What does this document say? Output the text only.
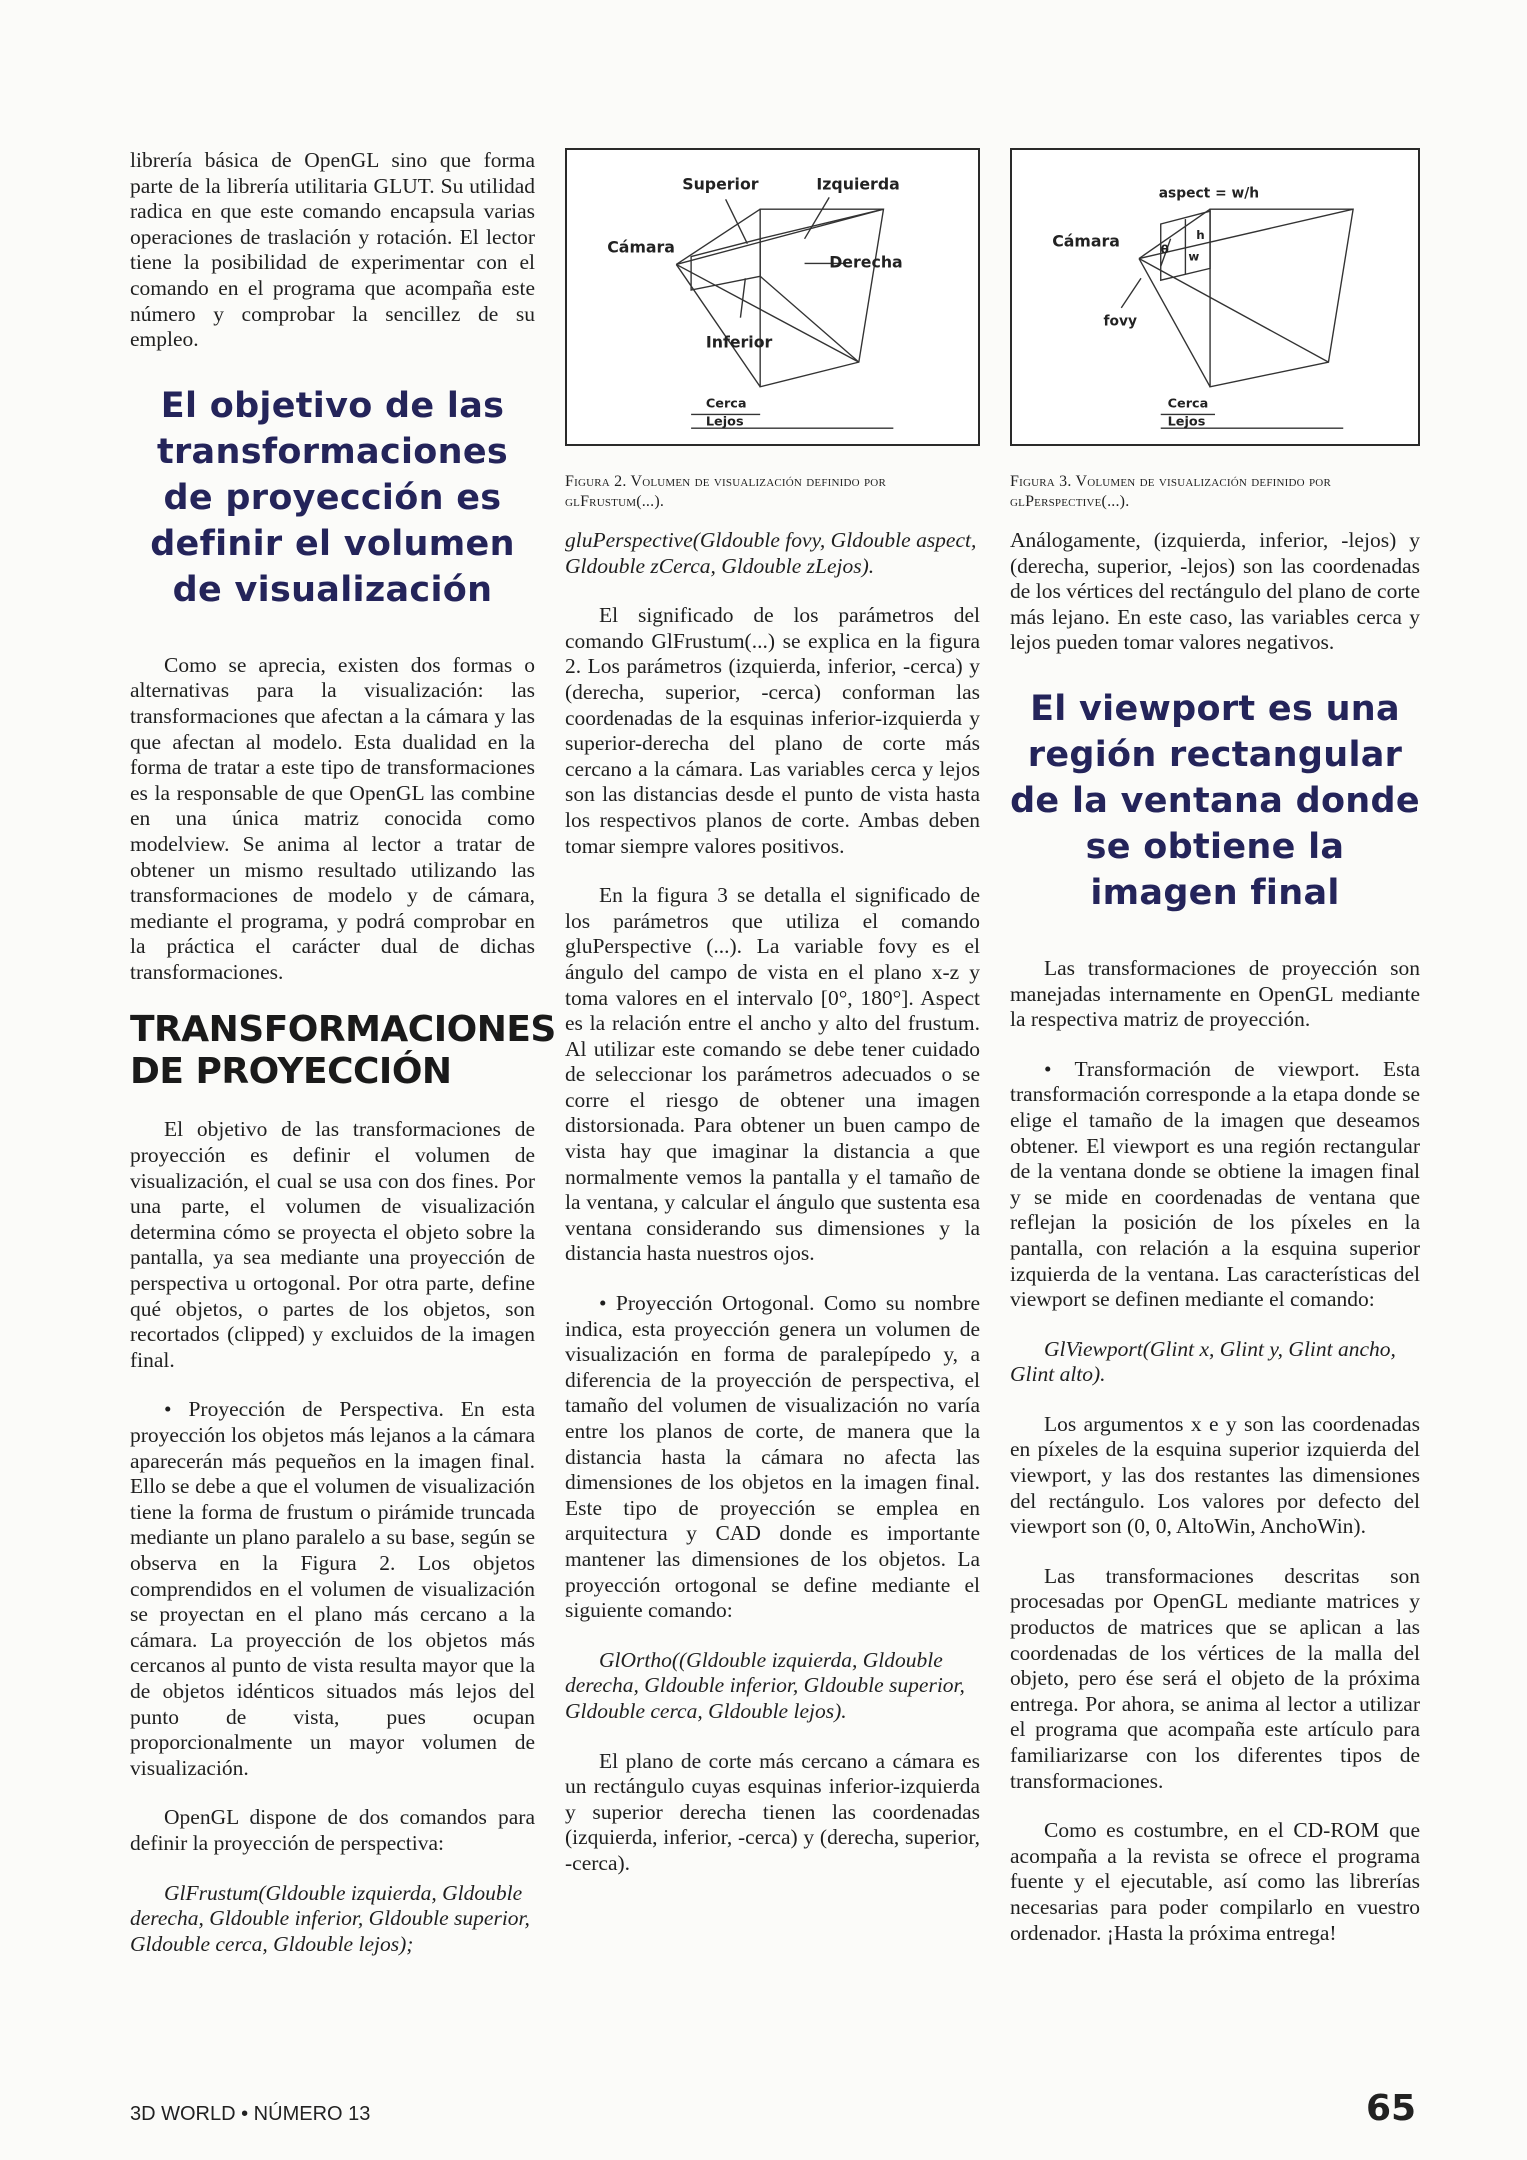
librería básica de OpenGL sino que forma parte de la librería utilitaria GLUT. Su utilidad radica en que este comando encapsula varias operaciones de traslación y rotación. El lector tiene la posibilidad de experimentar con el comando en el programa que acompaña este número y comprobar la sencillez de su empleo.

El objetivo de las transformaciones de proyección es definir el volumen de visualización

Como se aprecia, existen dos formas o alternativas para la visualización: las transformaciones que afectan a la cámara y las que afectan al modelo. Esta dualidad en la forma de tratar a este tipo de transformaciones es la responsable de que OpenGL las combine en una única matriz conocida como modelview. Se anima al lector a tratar de obtener un mismo resultado utilizando las transformaciones de modelo y de cámara, mediante el programa, y podrá comprobar en la práctica el carácter dual de dichas transformaciones.

TRANSFORMACIONES DE PROYECCIÓN

El objetivo de las transformaciones de proyección es definir el volumen de visualización, el cual se usa con dos fines. Por una parte, el volumen de visualización determina cómo se proyecta el objeto sobre la pantalla, ya sea mediante una proyección de perspectiva u ortogonal. Por otra parte, define qué objetos, o partes de los objetos, son recortados (clipped) y excluidos de la imagen final.

• Proyección de Perspectiva. En esta proyección los objetos más lejanos a la cámara aparecerán más pequeños en la imagen final. Ello se debe a que el volumen de visualización tiene la forma de frustum o pirámide truncada mediante un plano paralelo a su base, según se observa en la Figura 2. Los objetos comprendidos en el volumen de visualización se proyectan en el plano más cercano a la cámara. La proyección de los objetos más cercanos al punto de vista resulta mayor que la de objetos idénticos situados más lejos del punto de vista, pues ocupan proporcionalmente un mayor volumen de visualización.

OpenGL dispone de dos comandos para definir la proyección de perspectiva:

GlFrustum(Gldouble izquierda, Gldouble derecha, Gldouble inferior, Gldouble superior, Gldouble cerca, Gldouble lejos);

Superior	Izquierda
Cámara
Derecha
Inferior
Cerca
Lejos

Figura 2. Volumen de visualización definido por glFrustum(...).

gluPerspective(Gldouble fovy, Gldouble aspect, Gldouble zCerca, Gldouble zLejos).

El significado de los parámetros del comando GlFrustum(...) se explica en la figura 2. Los parámetros (izquierda, inferior, -cerca) y (derecha, superior, -cerca) conforman las coordenadas de la esquinas inferior-izquierda y superior-derecha del plano de corte más cercano a la cámara. Las variables cerca y lejos son las distancias desde el punto de vista hasta los respectivos planos de corte. Ambas deben tomar siempre valores positivos.

En la figura 3 se detalla el significado de los parámetros que utiliza el comando gluPerspective (...). La variable fovy es el ángulo del campo de vista en el plano x-z y toma valores en el intervalo [0°, 180°]. Aspect es la relación entre el ancho y alto del frustum. Al utilizar este comando se debe tener cuidado de seleccionar los parámetros adecuados o se corre el riesgo de obtener una imagen distorsionada. Para obtener un buen campo de vista hay que imaginar la distancia a que normalmente vemos la pantalla y el tamaño de la ventana, y calcular el ángulo que sustenta esa ventana considerando sus dimensiones y la distancia hasta nuestros ojos.

• Proyección Ortogonal. Como su nombre indica, esta proyección genera un volumen de visualización en forma de paralepípedo y, a diferencia de la proyección de perspectiva, el tamaño del volumen de visualización no varía entre los planos de corte, de manera que la distancia hasta la cámara no afecta las dimensiones de los objetos en la imagen final. Este tipo de proyección se emplea en arquitectura y CAD donde es importante mantener las dimensiones de los objetos. La proyección ortogonal se define mediante el siguiente comando:

GlOrtho((Gldouble izquierda, Gldouble derecha, Gldouble inferior, Gldouble superior, Gldouble cerca, Gldouble lejos).

El plano de corte más cercano a cámara es un rectángulo cuyas esquinas inferior-izquierda y superior derecha tienen las coordenadas (izquierda, inferior, -cerca) y (derecha, superior, -cerca).

aspect = w/h
Cámara	θ
h
w
fovy
Cerca
Lejos

Figura 3. Volumen de visualización definido por glPerspective(...).

Análogamente, (izquierda, inferior, -lejos) y (derecha, superior, -lejos) son las coordenadas de los vértices del rectángulo del plano de corte más lejano. En este caso, las variables cerca y lejos pueden tomar valores negativos.

El viewport es una región rectangular de la ventana donde se obtiene la imagen final

Las transformaciones de proyección son manejadas internamente en OpenGL mediante la respectiva matriz de proyección.

• Transformación de viewport. Esta transformación corresponde a la etapa donde se elige el tamaño de la imagen que deseamos obtener. El viewport es una región rectangular de la ventana donde se obtiene la imagen final y se mide en coordenadas de ventana que reflejan la posición de los píxeles en la pantalla, con relación a la esquina superior izquierda de la ventana. Las características del viewport se definen mediante el comando:

GlViewport(Glint x, Glint y, Glint ancho, Glint alto).

Los argumentos x e y son las coordenadas en píxeles de la esquina superior izquierda del viewport, y las dos restantes las dimensiones del rectángulo. Los valores por defecto del viewport son (0, 0, AltoWin, AnchoWin).

Las transformaciones descritas son procesadas por OpenGL mediante matrices y productos de matrices que se aplican a las coordenadas de los vértices de la malla del objeto, pero ése será el objeto de la próxima entrega. Por ahora, se anima al lector a utilizar el programa que acompaña este artículo para familiarizarse con los diferentes tipos de transformaciones.

Como es costumbre, en el CD-ROM que acompaña a la revista se ofrece el programa fuente y el ejecutable, así como las librerías necesarias para poder compilarlo en vuestro ordenador. ¡Hasta la próxima entrega!

3D WORLD • NÚMERO 13	65
